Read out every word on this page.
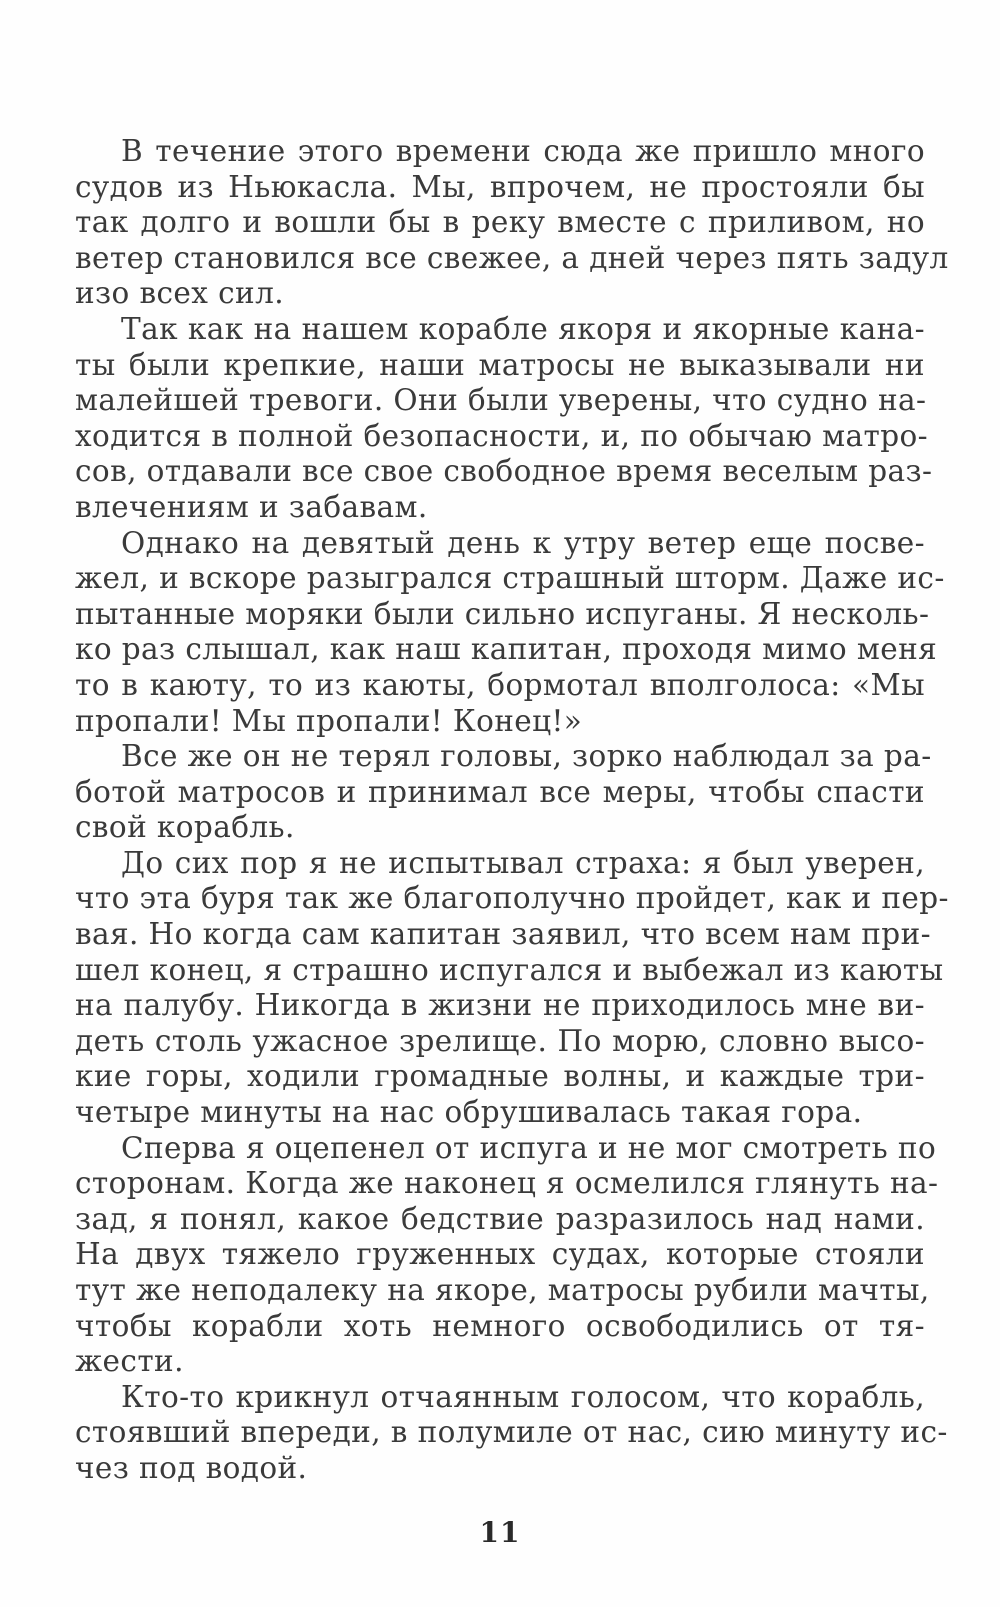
В течение этого времени сюда же пришло много
судов из Ньюкасла. Мы, впрочем, не простояли бы
так долго и вошли бы в реку вместе с приливом, но
ветер становился все свежее, а дней через пять задул
изо всех сил.
Так как на нашем корабле якоря и якорные кана-
ты были крепкие, наши матросы не выказывали ни
малейшей тревоги. Они были уверены, что судно на-
ходится в полной безопасности, и, по обычаю матро-
сов, отдавали все свое свободное время веселым раз-
влечениям и забавам.
Однако на девятый день к утру ветер еще посве-
жел, и вскоре разыгрался страшный шторм. Даже ис-
пытанные моряки были сильно испуганы. Я несколь-
ко раз слышал, как наш капитан, проходя мимо меня
то в каюту, то из каюты, бормотал вполголоса: «Мы
пропали! Мы пропали! Конец!»
Все же он не терял головы, зорко наблюдал за ра-
ботой матросов и принимал все меры, чтобы спасти
свой корабль.
До сих пор я не испытывал страха: я был уверен,
что эта буря так же благополучно пройдет, как и пер-
вая. Но когда сам капитан заявил, что всем нам при-
шел конец, я страшно испугался и выбежал из каюты
на палубу. Никогда в жизни не приходилось мне ви-
деть столь ужасное зрелище. По морю, словно высо-
кие горы, ходили громадные волны, и каждые три-
четыре минуты на нас обрушивалась такая гора.
Сперва я оцепенел от испуга и не мог смотреть по
сторонам. Когда же наконец я осмелился глянуть на-
зад, я понял, какое бедствие разразилось над нами.
На двух тяжело груженных судах, которые стояли
тут же неподалеку на якоре, матросы рубили мачты,
чтобы корабли хоть немного освободились от тя-
жести.
Кто-то крикнул отчаянным голосом, что корабль,
стоявший впереди, в полумиле от нас, сию минуту ис-
чез под водой.
11
